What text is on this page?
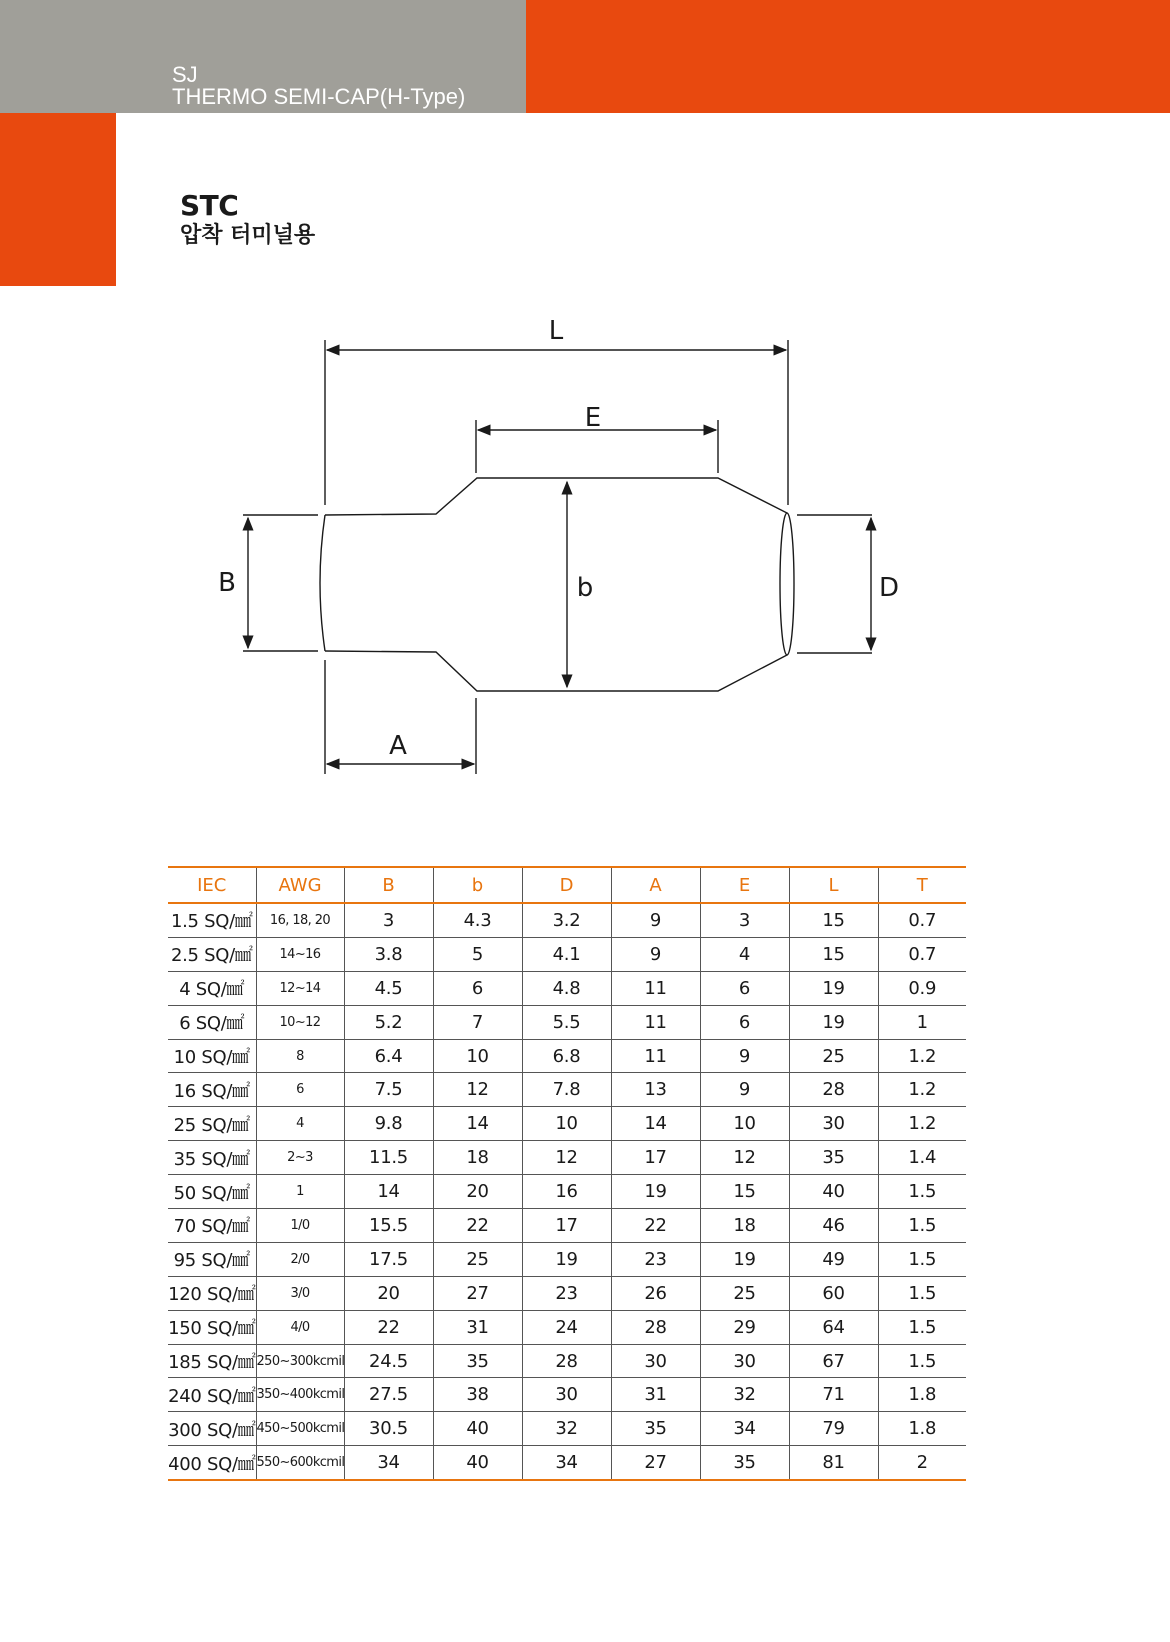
SJ
THERMO SEMI-CAP(H-Type)
STC
압착 터미널용
L
E
B	b	D
A
IEC	AWG	B	b	D	A	E	L	T
1.5 SQ/㎟	16, 18, 20	3	4.3	3.2	9	3	15	0.7
2.5 SQ/㎟	14~16	3.8	5	4.1	9	4	15	0.7
4 SQ/㎟	12~14	4.5	6	4.8	11	6	19	0.9
6 SQ/㎟	10~12	5.2	7	5.5	11	6	19	1
10 SQ/㎟	8	6.4	10	6.8	11	9	25	1.2
16 SQ/㎟	6	7.5	12	7.8	13	9	28	1.2
25 SQ/㎟	4	9.8	14	10	14	10	30	1.2
35 SQ/㎟	2~3	11.5	18	12	17	12	35	1.4
50 SQ/㎟	1	14	20	16	19	15	40	1.5
70 SQ/㎟	1/0	15.5	22	17	22	18	46	1.5
95 SQ/㎟	2/0	17.5	25	19	23	19	49	1.5
120 SQ/㎟	3/0	20	27	23	26	25	60	1.5
150 SQ/㎟	4/0	22	31	24	28	29	64	1.5
185 SQ/㎟	250~300kcmil	24.5	35	28	30	30	67	1.5
240 SQ/㎟	350~400kcmil	27.5	38	30	31	32	71	1.8
300 SQ/㎟	450~500kcmil	30.5	40	32	35	34	79	1.8
400 SQ/㎟	550~600kcmil	34	40	34	27	35	81	2
